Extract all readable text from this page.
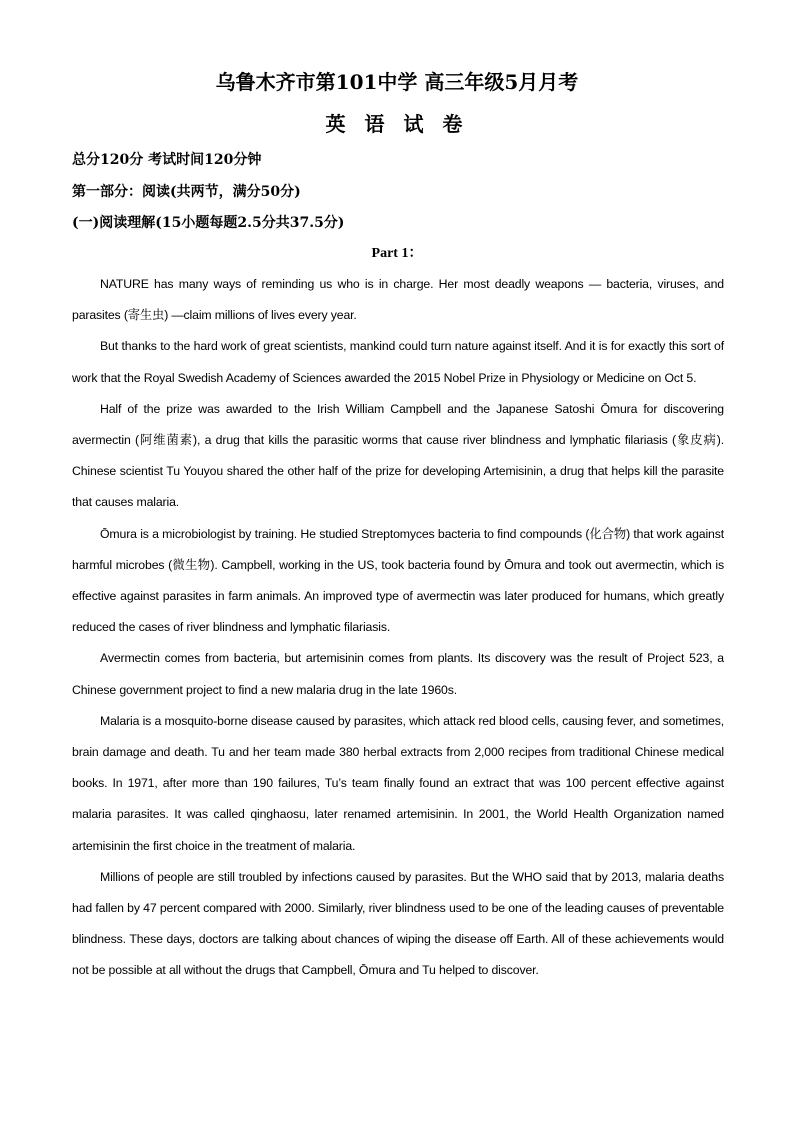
乌鲁木齐市第101中学 高三年级5月月考
英 语 试 卷
总分120分 考试时间120分钟
第一部分：阅读(共两节，满分50分)
(一)阅读理解(15小题每题2.5分共37.5分)
Part 1：

NATURE has many ways of reminding us who is in charge. Her most deadly weapons — bacteria, viruses, and parasites (寄生虫) —claim millions of lives every year.

But thanks to the hard work of great scientists, mankind could turn nature against itself. And it is for exactly this sort of work that the Royal Swedish Academy of Sciences awarded the 2015 Nobel Prize in Physiology or Medicine on Oct 5.

Half of the prize was awarded to the Irish William Campbell and the Japanese Satoshi Ōmura for discovering avermectin (阿维菌素), a drug that kills the parasitic worms that cause river blindness and lymphatic filariasis (象皮病). Chinese scientist Tu Youyou shared the other half of the prize for developing Artemisinin, a drug that helps kill the parasite that causes malaria.

Ōmura is a microbiologist by training. He studied Streptomyces bacteria to find compounds (化合物) that work against harmful microbes (微生物). Campbell, working in the US, took bacteria found by Ōmura and took out avermectin, which is effective against parasites in farm animals. An improved type of avermectin was later produced for humans, which greatly reduced the cases of river blindness and lymphatic filariasis.

Avermectin comes from bacteria, but artemisinin comes from plants. Its discovery was the result of Project 523, a Chinese government project to find a new malaria drug in the late 1960s.

Malaria is a mosquito-borne disease caused by parasites, which attack red blood cells, causing fever, and sometimes, brain damage and death. Tu and her team made 380 herbal extracts from 2,000 recipes from traditional Chinese medical books. In 1971, after more than 190 failures, Tu’s team finally found an extract that was 100 percent effective against malaria parasites. It was called qinghaosu, later renamed artemisinin. In 2001, the World Health Organization named artemisinin the first choice in the treatment of malaria.

Millions of people are still troubled by infections caused by parasites. But the WHO said that by 2013, malaria deaths had fallen by 47 percent compared with 2000. Similarly, river blindness used to be one of the leading causes of preventable blindness. These days, doctors are talking about chances of wiping the disease off Earth. All of these achievements would not be possible at all without the drugs that Campbell, Ōmura and Tu helped to discover.
